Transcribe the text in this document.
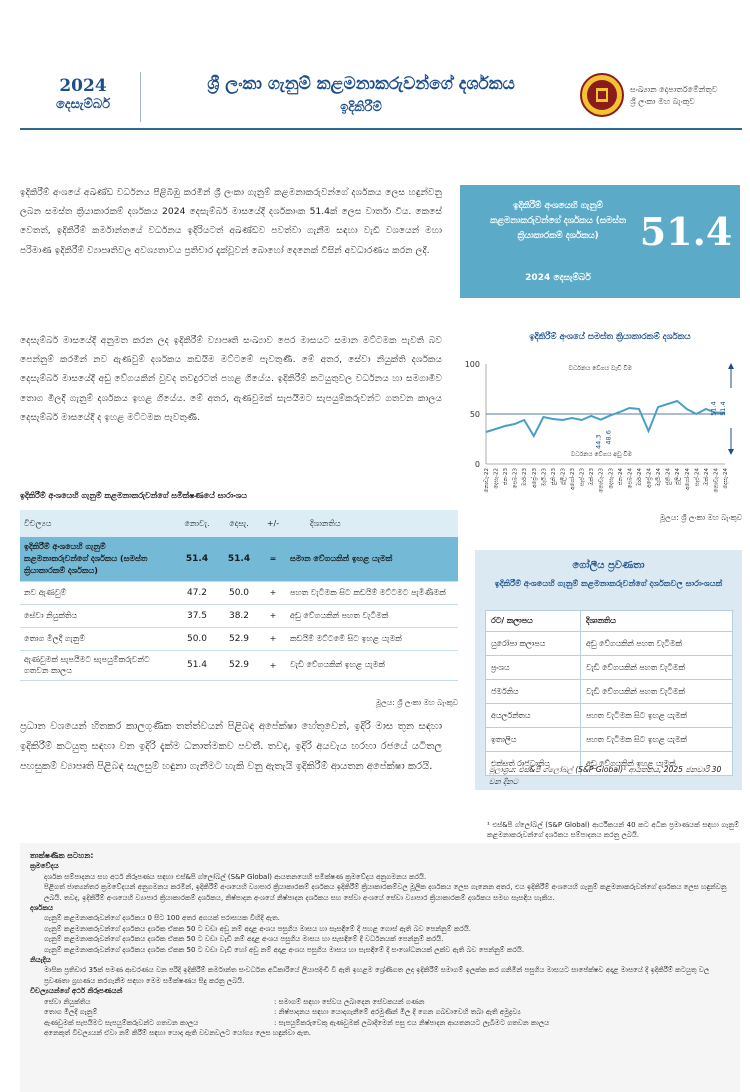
2024
දෙසැම්බර්
ශ්‍රී ලංකා ගැනුම් කළමනාකරුවන්ගේ දර්ශකය
ඉදිකිරීම්
සංඛ්‍යාන දෙපාර්තමේන්තුව
ශ්‍රී ලංකා මහ බැංකුව
ඉදිකිරීම් අංශයේ අඛණ්ඩ වර්ධනය පිළිබිඹු කරමින් ශ්‍රී ලංකා ගැනුම් කළමනාකරුවන්ගේ දර්ශකය ලෙස හඳුන්වනු ලබන සමස්ත ක්‍රියාකාරකම් දර්ශකය 2024 දෙසැම්බර් මාසයේදී දර්ශකාංක 51.4ක් ලෙස වාර්තා විය. කෙසේ වෙතත්, ඉදිකිරීම් කර්මාන්තයේ වර්ධනය ඉදිරියටත් අඛණ්ඩව පවත්වා ගැනීම සඳහා වැඩි වශයෙන් මහා පරිමාණ ඉදිකිරීම් ව්‍යාපෘතිවල අවශ්‍යතාවය ප්‍රතිචාර දැක්වූවන් බොහෝ දෙනෙක් විසින් අවධාරණය කරන ලදී.
දෙසැම්බර් මාසයේදී අනුමත කරන ලද ඉදිකිරීම් ව්‍යාපෘති සංඛ්‍යාව පෙර මාසයට සමාන මට්ටමක පැවති බව පෙන්නුම් කරමින් නව ඇණවුම් දර්ශකය කඩයිම මට්ටමේ පැවතුණි. මේ අතර, සේවා නියුක්ති දර්ශකය දෙසැම්බර් මාසයේදී අඩු වේගයකින් වුවද තවදුරටත් පහළ ගියේය. ඉදිකිරීම් කටයුතුවල වර්ධනය හා සමගාමීව තොග මිලදී ගැනුම් දර්ශකය ඉහළ ගියේය. මේ අතර, ඇණවුමක් සැපයීමට සැපයුම්කරුවන්ට ගතවන කාලය දෙසැම්බර් මාසයේදී ද ඉහළ මට්ටමක පැවතුණි.
ඉදිකිරීම් අංශයෙහි ගැනුම් කළමනාකරුවන්ගේ දර්ශකය (සමස්ත ක්‍රියාකාරකම් දර්ශකය)	51.4
2024 දෙසැම්බර්
ඉදිකිරීම් අංශයේ සමස්ත ක්‍රියාකාරකම් දර්ශකය
0
50
100
44.3 48.6
51.4 51.4
නොවැ-22 දෙසැ-22 ජන-23 පෙබ-23 මාර්-23 අප්‍රේ-23 මැයි-23 ජුනි-23 ජූලි-23 අගෝ-23 සැප්-23 ඔක්-23 නොවැ-23 දෙසැ-23 ජන-24 පෙබ-24 මාර්-24 අප්‍රේ-24 මැයි-24 ජුනි-24 ජූලි-24 අගෝ-24 සැප්-24 ඔක්-24 නොවැ-24 දෙසැ-24
වර්ධනය වේගය වැඩි වීම
වර්ධනය වේගය අඩු වීම
මූලය: ශ්‍රී ලංකා මහ බැංකුව
ඉදිකිරීම් අංශයෙහි ගැනුම් කළමනාකරුවන්ගේ සමීක්ෂණයේ සාරාංශය
විචල්‍යය	නොවැ.	දෙසැ.	+/-	දිශානතිය
ඉදිකිරීම් අංශයෙහි ගැනුම් කළමනාකරුවන්ගේ දර්ශකය (සමස්ත ක්‍රියාකාරකම් දර්ශකය)	51.4	51.4	=	සමාන වේගයකින් ඉහළ යැමක්
නව ඇණවුම්	47.2	50.0	+	පහත වැටීමක සිට කඩයිම් මට්ටමට පැමිණීමක්
සේවා නියුක්තිය	37.5	38.2	+	අඩු වේගයකින් පහත වැටීමක්
තොග මිලදී ගැනුම්	50.0	52.9	+	කඩයිම් මට්ටමේ සිට ඉහළ යැමක්
ඇණවුමක් සැපයීමට සැපයුම්කරුවන්ට ගතවන කාලය	51.4	52.9	+	වැඩි වේගයකින් ඉහළ යැමක්
මූලය: ශ්‍රී ලංකා මහ බැංකුව
ප්‍රධාන වශයෙන් හිතකර කාලගුණික තත්ත්වයන් පිළිබඳ අපේක්ෂා හේතුවෙන්, ඉදිරි මාස තුන සඳහා ඉදිකිරීම් කටයුතු සඳහා වන ඉදිරි දැක්ම ධනාත්මකව පවතී. තවද, ඉදිරි අයවැය හරහා රජයේ යටිතල පහසුකම් ව්‍යාපෘති පිළිබඳ සැලසුම් හඳුනා ගැනීමට හැකි වනු ඇතැයි ඉදිකිරීම් ආයතන අපේක්ෂා කරයි.
ගෝලීය ප්‍රවණතා
ඉදිකිරීම් අංශයෙහි ගැනුම් කළමනාකරුවන්ගේ දර්ශකවල සාරාංශයක්
රට/ කලාපය	දිශානතිය
යුරෝපා කලාපය	අඩු වේගයකින් පහත වැටීමක්
ප්‍රංශය	වැඩි වේගයකින් පහත වැටීමක්
ජර්මනිය	වැඩි වේගයකින් පහත වැටීමක්
අයර්ලන්තය	පහත වැටීමක සිට ඉහළ යැමක්
ඉතාලිය	පහත වැටීමක සිට ඉහළ යැමක්
එක්සත් රාජධානිය	අඩු වේගයකින් ඉහළ යැමක්
මූලාශ්‍රය: එස්&පී ග්ලෝබල් (S&P Global)¹ ආයතනය, 2025 ජනවාරි 30 වන දිනට
¹ එස්&පී ග්ලෝබල් (S&P Global) ආර්ථිකයන් 40 කට අධික ප්‍රමාණයක් සඳහා ගැනුම් කළමනාකරුවන්ගේ දර්ශකය සම්පාදනය කරනු ලබයි.
තාක්ෂණික සටහන:
ක්‍රමවේදය
දර්ශක සම්පාදනය සහ අර්ථ නිරූපණය සඳහා එස්&පී ග්ලෝබල් (S&P Global) ආයතනයෙහි සමීක්ෂණ ක්‍රමවේදය අනුගමනය කරයි.
පිළිගත් ජාත්‍යන්තර ක්‍රමවේදයන් අනුගමනය කරමින්, ඉදිකිරීම් අංශයෙහි ව්‍යාපාර ක්‍රියාකාරකම් දර්ශකය ඉදිකිරීම් ක්‍රියාකාරකම්වල මූලික දර්ශකය ලෙස ගැනෙන අතර, එය ඉදිකිරීම් අංශයෙහි ගැනුම් කළමනාකරුවන්ගේ දර්ශකය ලෙස හඳුන්වනු ලබයි. තවද, ඉදිකිරීම් අංශයෙහි ව්‍යාපාර ක්‍රියාකාරකම් දර්ශකය, නිෂ්පාදන අංශයේ නිෂ්පාදන දර්ශකය සහ සේවා අංශයේ සේවා ව්‍යාපාර ක්‍රියාකාරකම් දර්ශකය සමඟ සැසඳිය හැකිය.
දර්ශකය
ගැනුම් කළමනාකරුවන්ගේ දර්ශකය 0 සිට 100 අතර අගයක් පරාසයක විහිදී ඇත.
ගැනුම් කළමනාකරුවන්ගේ දර්ශකය දර්ශක ඒකක 50 ට වඩා අඩු නම් අදාළ අංශය පසුගිය මාසය හා සැසඳීමේ දී පහළ ගොස් ඇති බව පෙන්නුම් කරයි.
ගැනුම් කළමනාකරුවන්ගේ දර්ශකය දර්ශක ඒකක 50 ට වඩා වැඩි නම් අදාළ අංශය පසුගිය මාසය හා සැසඳීමේ දී වර්ධනයක් පෙන්නුම් කරයි.
ගැනුම් කළමනාකරුවන්ගේ දර්ශකය දර්ශක ඒකක 50 ට වඩා වැඩි හෝ අඩු නම් අදාළ අංශය පසුගිය මාසය හා සැසඳීමේ දී සංශෝධනයක් ලක්ව ඇති බව පෙන්නුම් කරයි.
නියැදිය
මාසික ප්‍රතිචාර 35ක් පමණ ආවරණය වන පරිදි ඉදිකිරීම් කර්මාන්ත සංවර්ධන අධිකාරියේ ලියාපදිංචි වී ඇති ඉහළම ශ්‍රේණිගත ලද ඉදිකිරීම් සමාගම් ඉලක්ක කර ගනිමින් පසුගිය මාසයට සාපේක්ෂව අදාළ මාසයේ දී ඉදිකිරීම් කටයුතු වල ප්‍රවණතා ග්‍රහණය කරගැනීම සඳහා මෙම සමීක්ෂණය සිදු කරනු ලබයි.
විචල්‍යයන්ගේ අර්ථ නිරූපණයන්
සේවා නියුක්තිය	: සමාගම් සඳහා සේවය ලබාදෙන සේවකයන් ගණන
තොග මිලදී ගැනුම්	: නිෂ්පාදනය සඳහා යොදාගැනීමේ අරමුණින් මිල දී ගෙන ගබඩාවෙහි තබා ඇති අමුද්‍රව්‍ය
ඇණවුමක් සැපයීමට සැපයුම්කරුවන්ට ගතවන කාලය	: සැපයුම්කරුවෙකු ඇණවුමක් ලබාදීමෙන් පසු එය නිෂ්පාදන ආයතනයට ලැබීමට ගතවන කාලය
අනෙකුත් විචල්‍යයන් ඒවා නම් කිරීම් සඳහා යොදා ඇති වචනවලට යෝග්‍ය ලෙස හඳුන්වා ඇත.
